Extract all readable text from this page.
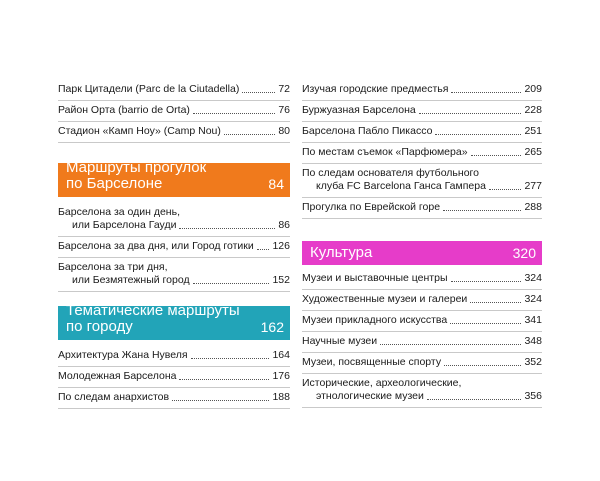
Парк Цитадели (Parc de la Ciutadella)	72
Район Орта (barrio de Orta)	76
Стадион «Камп Ноу» (Camp Nou)	80
Маршруты прогулок
по Барселоне	84
Барселона за один день,
или Барселона Гауди	86
Барселона за два дня, или Город готики 126
Барселона за три дня,
или Безмятежный город	152
Тематические маршруты
по городу	162
Архитектура Жана Нувеля	164
Молодежная Барселона	176
По следам анархистов	188
Изучая городские предместья	209
Буржуазная Барселона	228
Барселона Пабло Пикассо	251
По местам съемок «Парфюмера»	265
По следам основателя футбольного
клуба FC Barcelona Ганса Гампера	277
Прогулка по Еврейской горе	288
Культура	320
Музеи и выставочные центры	324
Художественные музеи и галереи	324
Музеи прикладного искусства	341
Научные музеи	348
Музеи, посвященные спорту	352
Исторические, археологические,
этнологические музеи	356
